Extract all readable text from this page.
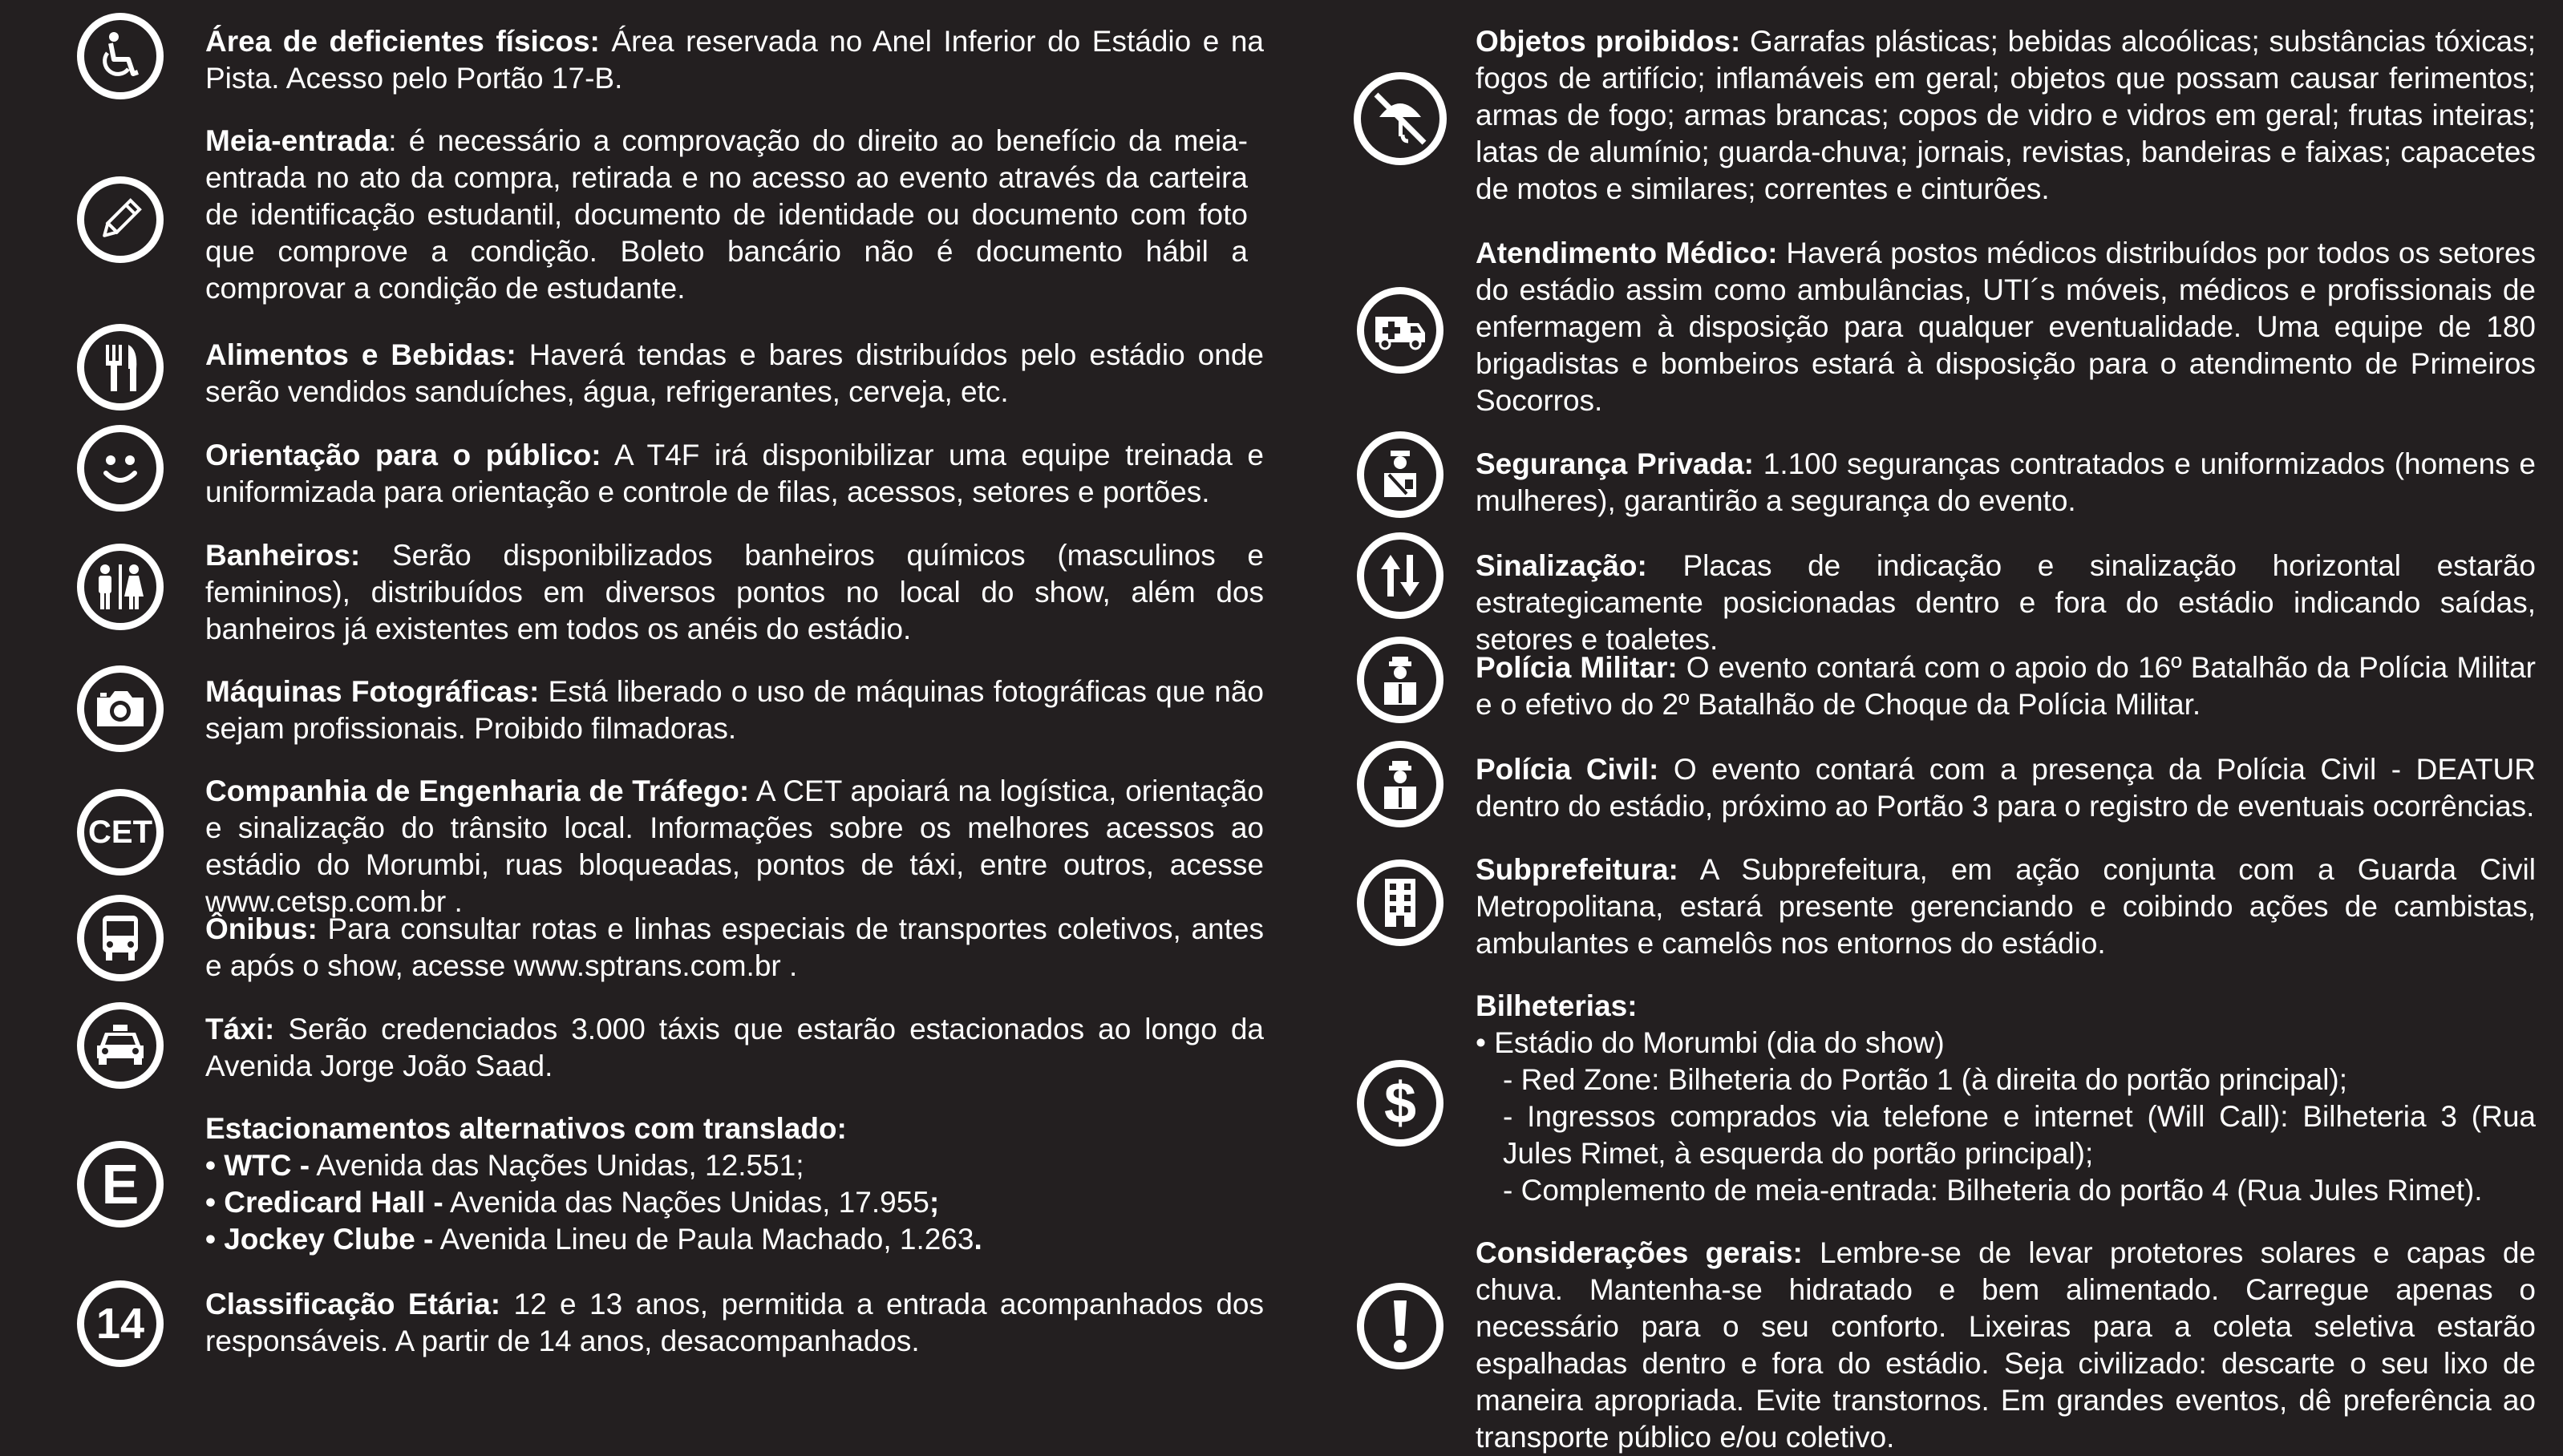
Área de deficientes físicos: Área reservada no Anel Inferior do Estádio e na Pista. Acesso pelo Portão 17-B.
Meia-entrada: é necessário a comprovação do direito ao benefício da meia-entrada no ato da compra, retirada e no acesso ao evento através da carteira de identificação estudantil, documento de identidade ou documento com foto que comprove a condição. Boleto bancário não é documento hábil a comprovar a condição de estudante.
Alimentos e Bebidas: Haverá tendas e bares distribuídos pelo estádio onde serão vendidos sanduíches, água, refrigerantes, cerveja, etc.
Orientação para o público: A T4F irá disponibilizar uma equipe treinada e uniformizada para orientação e controle de filas, acessos, setores e portões.
Banheiros: Serão disponibilizados banheiros químicos (masculinos e femininos), distribuídos em diversos pontos no local do show, além dos banheiros já existentes em todos os anéis do estádio.
Máquinas Fotográficas: Está liberado o uso de máquinas fotográficas que não sejam profissionais. Proibido filmadoras.
CET
Companhia de Engenharia de Tráfego: A CET apoiará na logística, orientação e sinalização do trânsito local. Informações sobre os melhores acessos ao estádio do Morumbi, ruas bloqueadas, pontos de táxi, entre outros, acesse www.cetsp.com.br .
Ônibus: Para consultar rotas e linhas especiais de transportes coletivos, antes e após o show, acesse www.sptrans.com.br .
Táxi: Serão credenciados 3.000 táxis que estarão estacionados ao longo da Avenida Jorge João Saad.
E
Estacionamentos alternativos com translado:
• WTC - Avenida das Nações Unidas, 12.551;
• Credicard Hall - Avenida das Nações Unidas, 17.955;
• Jockey Clube - Avenida Lineu de Paula Machado, 1.263.
14 Classificação Etária: 12 e 13 anos, permitida a entrada acompanhados dos responsáveis. A partir de 14 anos, desacompanhados.
Objetos proibidos: Garrafas plásticas; bebidas alcoólicas; substâncias tóxicas; fogos de artifício; inflamáveis em geral; objetos que possam causar ferimentos; armas de fogo; armas brancas; copos de vidro e vidros em geral; frutas inteiras; latas de alumínio; guarda-chuva; jornais, revistas, bandeiras e faixas; capacetes de motos e similares; correntes e cinturões.
Atendimento Médico: Haverá postos médicos distribuídos por todos os setores do estádio assim como ambulâncias, UTI´s móveis, médicos e profissionais de enfermagem à disposição para qualquer eventualidade. Uma equipe de 180 brigadistas e bombeiros estará à disposição para o atendimento de Primeiros Socorros.
Segurança Privada: 1.100 seguranças contratados e uniformizados (homens e mulheres), garantirão a segurança do evento.
Sinalização: Placas de indicação e sinalização horizontal estarão estrategicamente posicionadas dentro e fora do estádio indicando saídas, setores e toaletes.
Polícia Militar: O evento contará com o apoio do 16º Batalhão da Polícia Militar e o efetivo do 2º Batalhão de Choque da Polícia Militar.
Polícia Civil: O evento contará com a presença da Polícia Civil - DEATUR dentro do estádio, próximo ao Portão 3 para o registro de eventuais ocorrências.
Subprefeitura: A Subprefeitura, em ação conjunta com a Guarda Civil Metropolitana, estará presente gerenciando e coibindo ações de cambistas, ambulantes e camelôs nos entornos do estádio.
$
Bilheterias:
• Estádio do Morumbi (dia do show)
- Red Zone: Bilheteria do Portão 1 (à direita do portão principal);
- Ingressos comprados via telefone e internet (Will Call): Bilheteria 3 (Rua Jules Rimet, à esquerda do portão principal);
- Complemento de meia-entrada: Bilheteria do portão 4 (Rua Jules Rimet).
Considerações gerais: Lembre-se de levar protetores solares e capas de chuva. Mantenha-se hidratado e bem alimentado. Carregue apenas o necessário para o seu conforto. Lixeiras para a coleta seletiva estarão espalhadas dentro e fora do estádio. Seja civilizado: descarte o seu lixo de maneira apropriada. Evite transtornos. Em grandes eventos, dê preferência ao transporte público e/ou coletivo.
